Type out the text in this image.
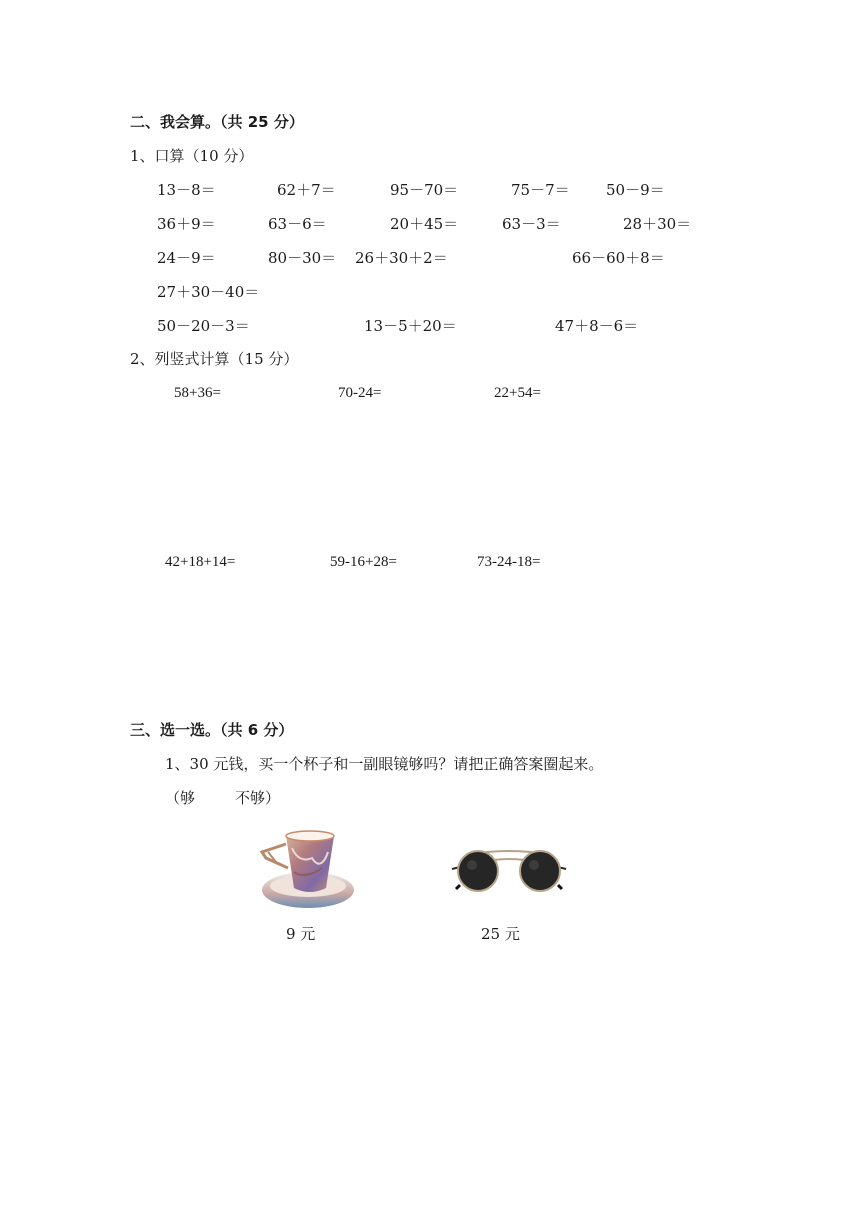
二、我会算。（共 25 分）
1、口算（10 分）
13－8＝	62＋7＝	95－70＝	75－7＝ 50－9＝
36＋9＝	63－6＝	20＋45＝	63－3＝	28＋30＝
24－9＝	80－30＝ 26＋30＋2＝	66－60＋8＝
27＋30－40＝
50－20－3＝	13－5＋20＝	47＋8－6＝
2、列竖式计算（15 分）
58+36=	70-24=	22+54=
42+18+14=	59-16+28=	73-24-18=
三、选一选。（共 6 分）
1、30 元钱，买一个杯子和一副眼镜够吗？请把正确答案圈起来。
（够	不够）
9 元	25 元
